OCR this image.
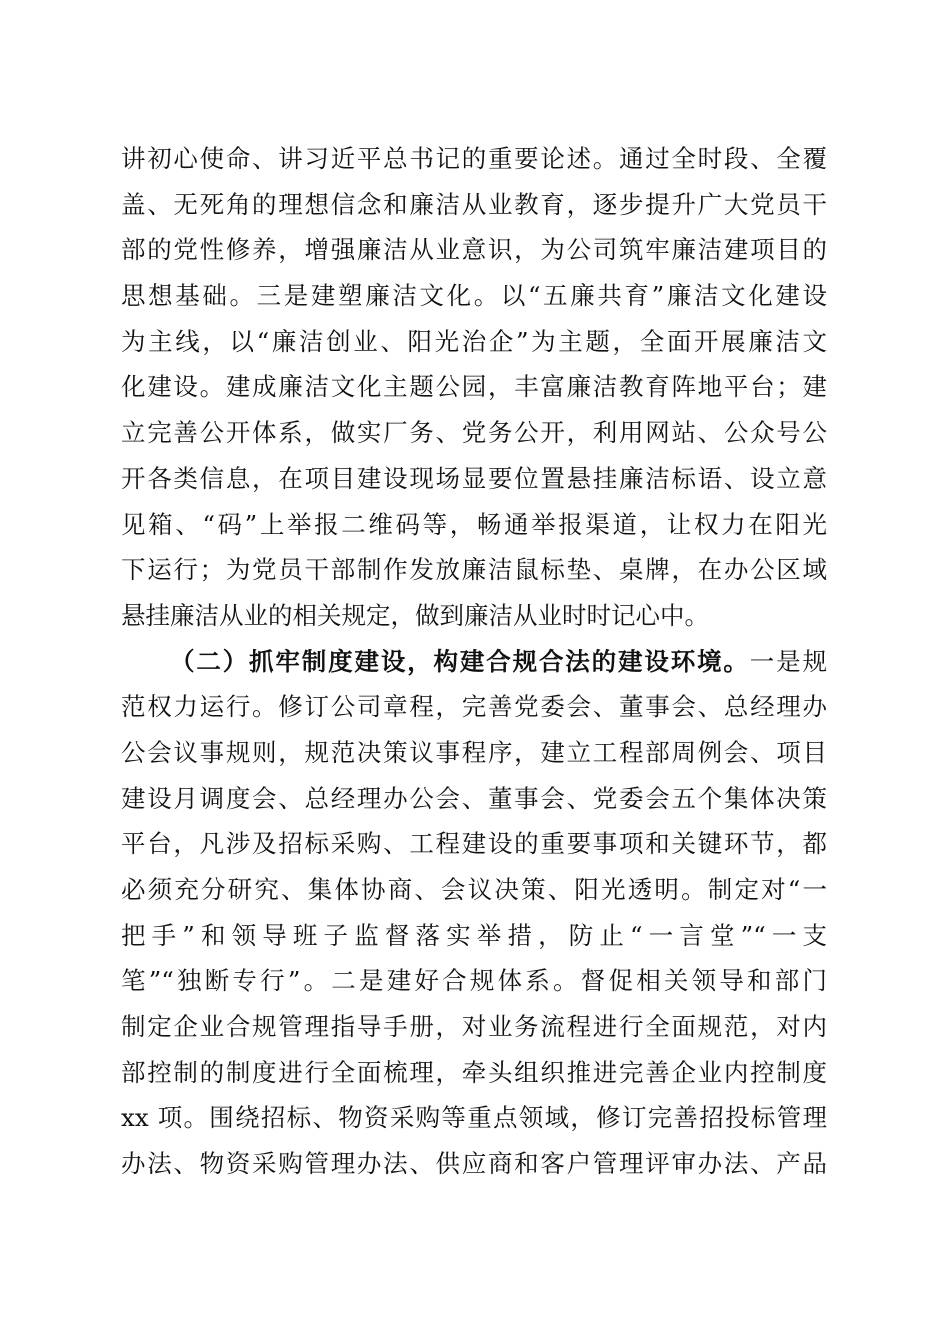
讲初心使命、讲习近平总书记的重要论述。通过全时段、全覆
盖、无死角的理想信念和廉洁从业教育，逐步提升广大党员干
部的党性修养，增强廉洁从业意识，为公司筑牢廉洁建项目的
思想基础。三是建塑廉洁文化。以“五廉共育”廉洁文化建设
为主线，以“廉洁创业、阳光治企”为主题，全面开展廉洁文
化建设。建成廉洁文化主题公园，丰富廉洁教育阵地平台；建
立完善公开体系，做实厂务、党务公开，利用网站、公众号公
开各类信息，在项目建设现场显要位置悬挂廉洁标语、设立意
见箱、“码”上举报二维码等，畅通举报渠道，让权力在阳光
下运行；为党员干部制作发放廉洁鼠标垫、桌牌，在办公区域
悬挂廉洁从业的相关规定，做到廉洁从业时时记心中。
（二）抓牢制度建设，构建合规合法的建设环境。一是规
范权力运行。修订公司章程，完善党委会、董事会、总经理办
公会议事规则，规范决策议事程序，建立工程部周例会、项目
建设月调度会、总经理办公会、董事会、党委会五个集体决策
平台，凡涉及招标采购、工程建设的重要事项和关键环节，都
必须充分研究、集体协商、会议决策、阳光透明。制定对“一
把手”和领导班子监督落实举措，防止“一言堂”“一支
笔”“独断专行”。二是建好合规体系。督促相关领导和部门
制定企业合规管理指导手册，对业务流程进行全面规范，对内
部控制的制度进行全面梳理，牵头组织推进完善企业内控制度
xx 项。围绕招标、物资采购等重点领域，修订完善招投标管理
办法、物资采购管理办法、供应商和客户管理评审办法、产品
